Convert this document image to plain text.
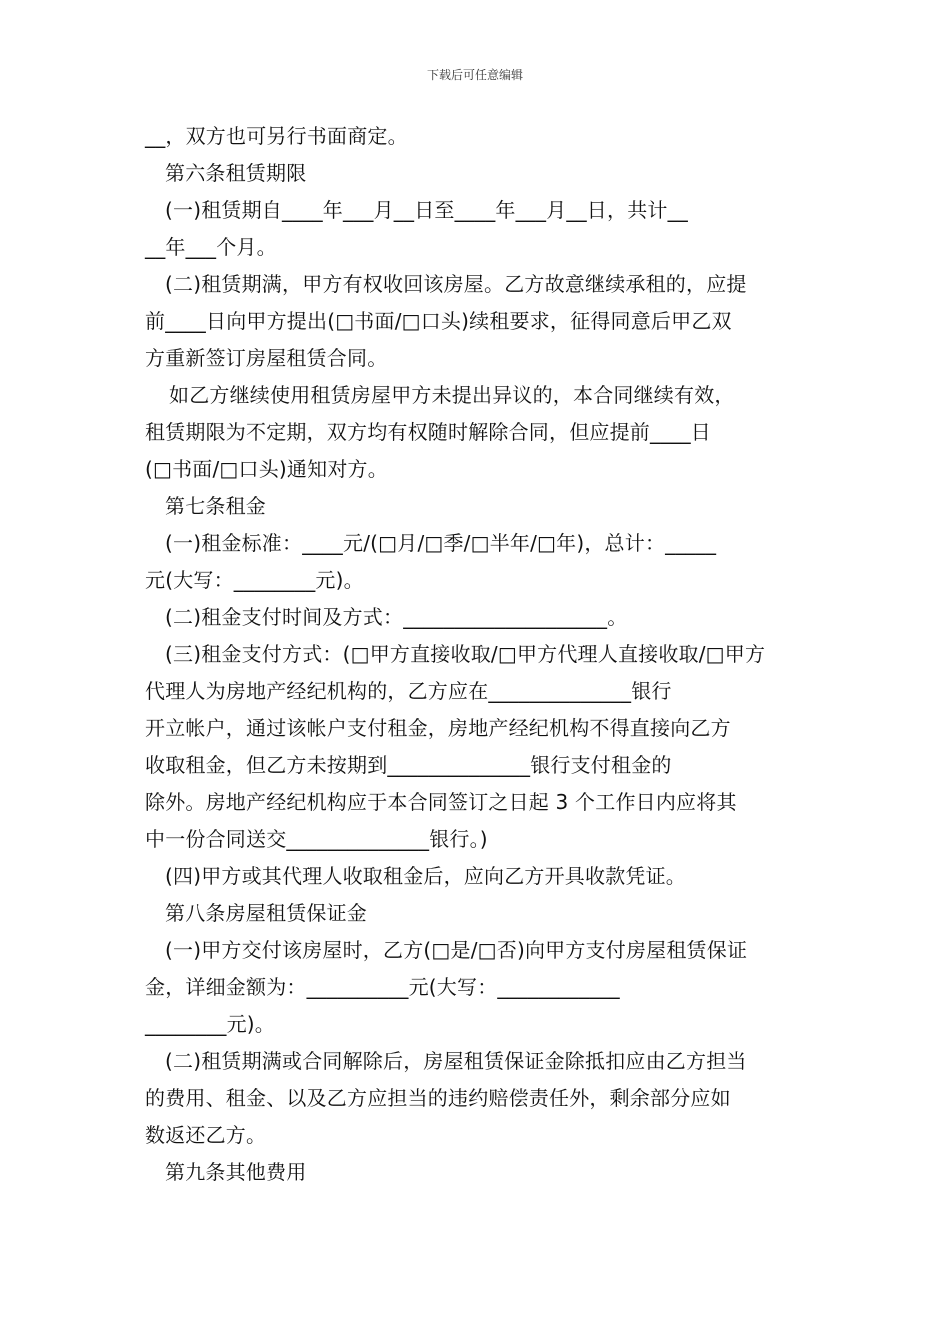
下载后可任意编辑

__，双方也可另行书面商定。

第六条租赁期限

(一)租赁期自____年___月__日至____年___月__日，共计__

__年___个月。

(二)租赁期满，甲方有权收回该房屋。乙方故意继续承租的，应提

前____日向甲方提出(□书面/□口头)续租要求，征得同意后甲乙双

方重新签订房屋租赁合同。

如乙方继续使用租赁房屋甲方未提出异议的，本合同继续有效，

租赁期限为不定期，双方均有权随时解除合同，但应提前____日

(□书面/□口头)通知对方。

第七条租金

(一)租金标准：____元/(□月/□季/□半年/□年)，总计：_____

元(大写：________元)。

(二)租金支付时间及方式：____________________。

(三)租金支付方式：(□甲方直接收取/□甲方代理人直接收取/□甲方

代理人为房地产经纪机构的，乙方应在______________银行

开立帐户，通过该帐户支付租金，房地产经纪机构不得直接向乙方

收取租金，但乙方未按期到______________银行支付租金的

除外。房地产经纪机构应于本合同签订之日起 3 个工作日内应将其

中一份合同送交______________银行。)

(四)甲方或其代理人收取租金后，应向乙方开具收款凭证。

第八条房屋租赁保证金

(一)甲方交付该房屋时，乙方(□是/□否)向甲方支付房屋租赁保证

金，详细金额为：__________元(大写：____________

________元)。

(二)租赁期满或合同解除后，房屋租赁保证金除抵扣应由乙方担当

的费用、租金、以及乙方应担当的违约赔偿责任外，剩余部分应如

数返还乙方。

第九条其他费用
